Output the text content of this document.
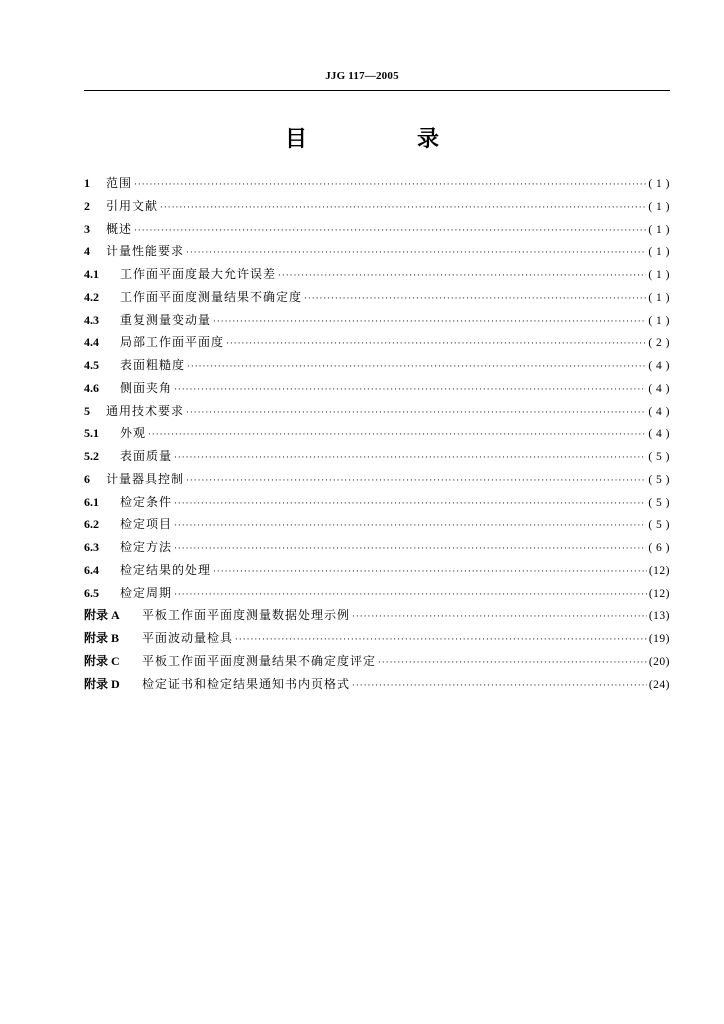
JJG 117—2005
目　录
1	范围 ·····	( 1 )
2	引用文献 ·····	( 1 )
3	概述 ·····	( 1 )
4	计量性能要求 ·····	( 1 )
4.1	工作面平面度最大允许误差 ·····	( 1 )
4.2	工作面平面度测量结果不确定度 ·····	( 1 )
4.3	重复测量变动量 ·····	( 1 )
4.4	局部工作面平面度 ·····	( 2 )
4.5	表面粗糙度 ·····	( 4 )
4.6	侧面夹角 ·····	( 4 )
5	通用技术要求 ·····	( 4 )
5.1	外观 ·····	( 4 )
5.2	表面质量 ·····	( 5 )
6	计量器具控制 ·····	( 5 )
6.1	检定条件 ·····	( 5 )
6.2	检定项目 ·····	( 5 )
6.3	检定方法 ·····	( 6 )
6.4	检定结果的处理 ·····	(12)
6.5	检定周期 ·····	(12)
附录 A	平板工作面平面度测量数据处理示例 ·····	(13)
附录 B	平面波动量检具 ·····	(19)
附录 C	平板工作面平面度测量结果不确定度评定 ·····	(20)
附录 D	检定证书和检定结果通知书内页格式 ·····	(24)
